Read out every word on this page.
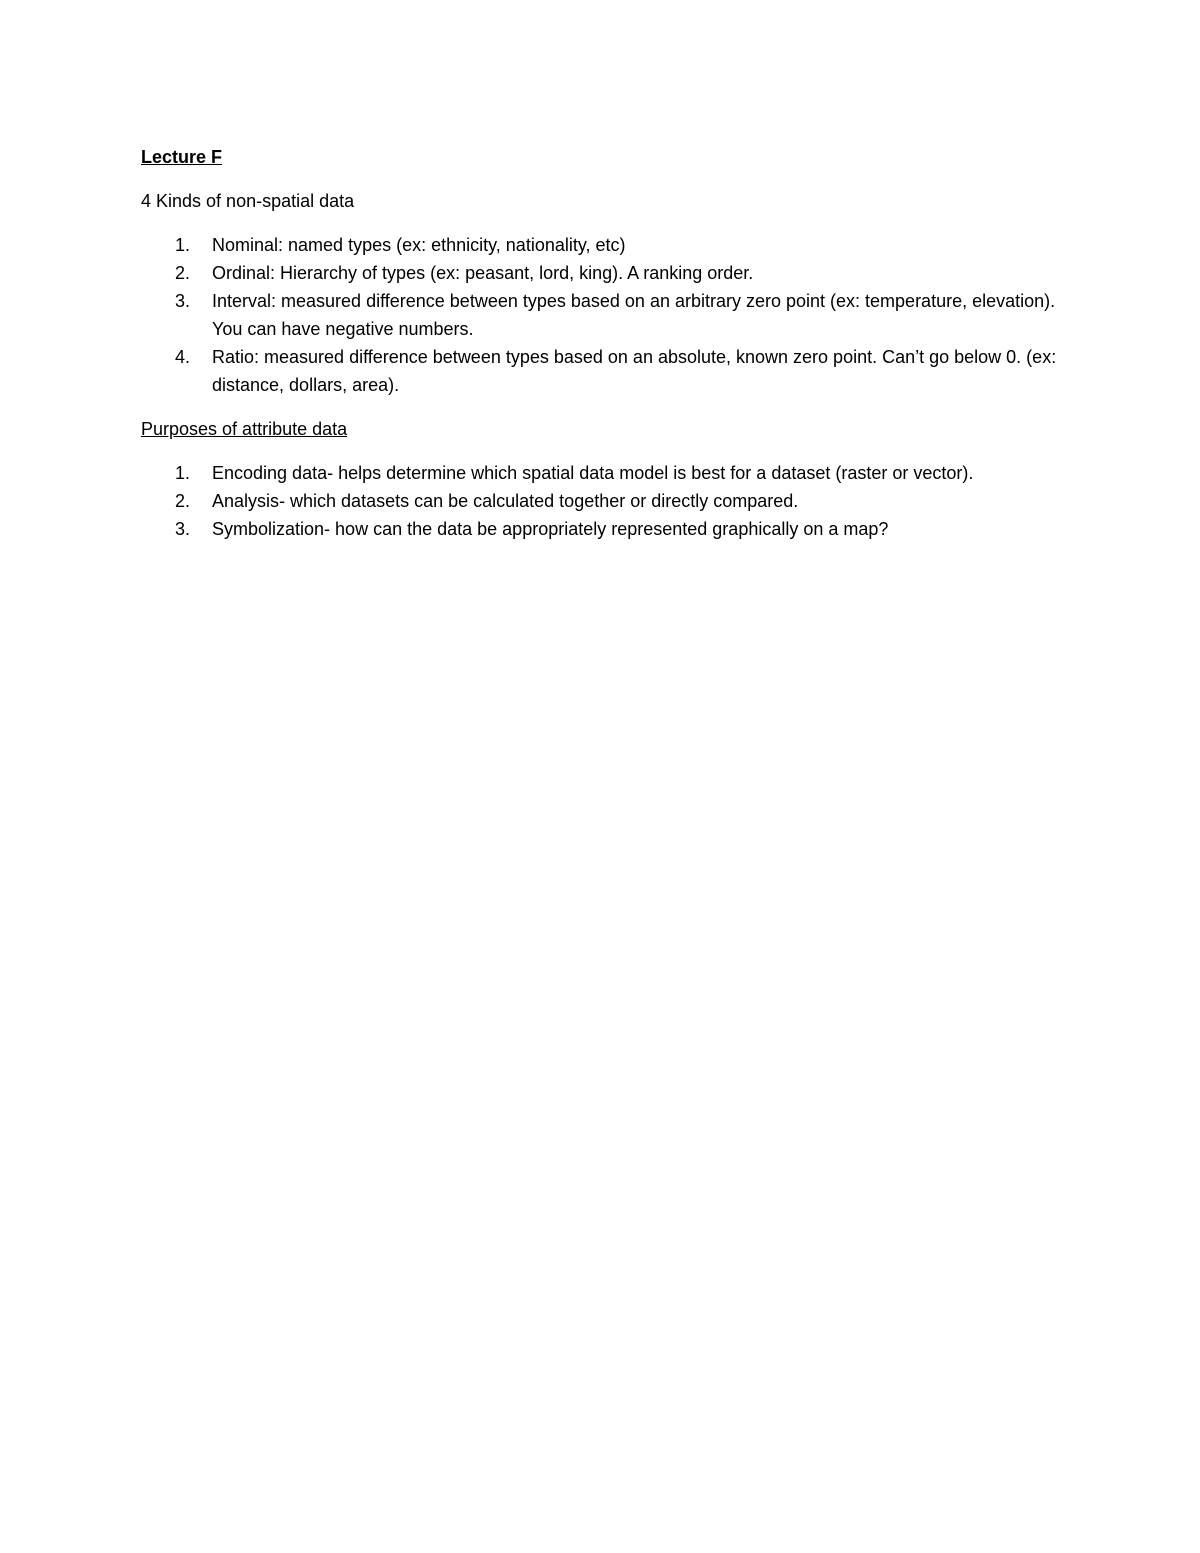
Lecture F
4 Kinds of non-spatial data
1. Nominal: named types (ex: ethnicity, nationality, etc)
2. Ordinal: Hierarchy of types (ex: peasant, lord, king). A ranking order.
3. Interval: measured difference between types based on an arbitrary zero point (ex: temperature, elevation). You can have negative numbers.
4. Ratio: measured difference between types based on an absolute, known zero point. Can’t go below 0. (ex: distance, dollars, area).
Purposes of attribute data
1. Encoding data- helps determine which spatial data model is best for a dataset (raster or vector).
2. Analysis- which datasets can be calculated together or directly compared.
3. Symbolization- how can the data be appropriately represented graphically on a map?
